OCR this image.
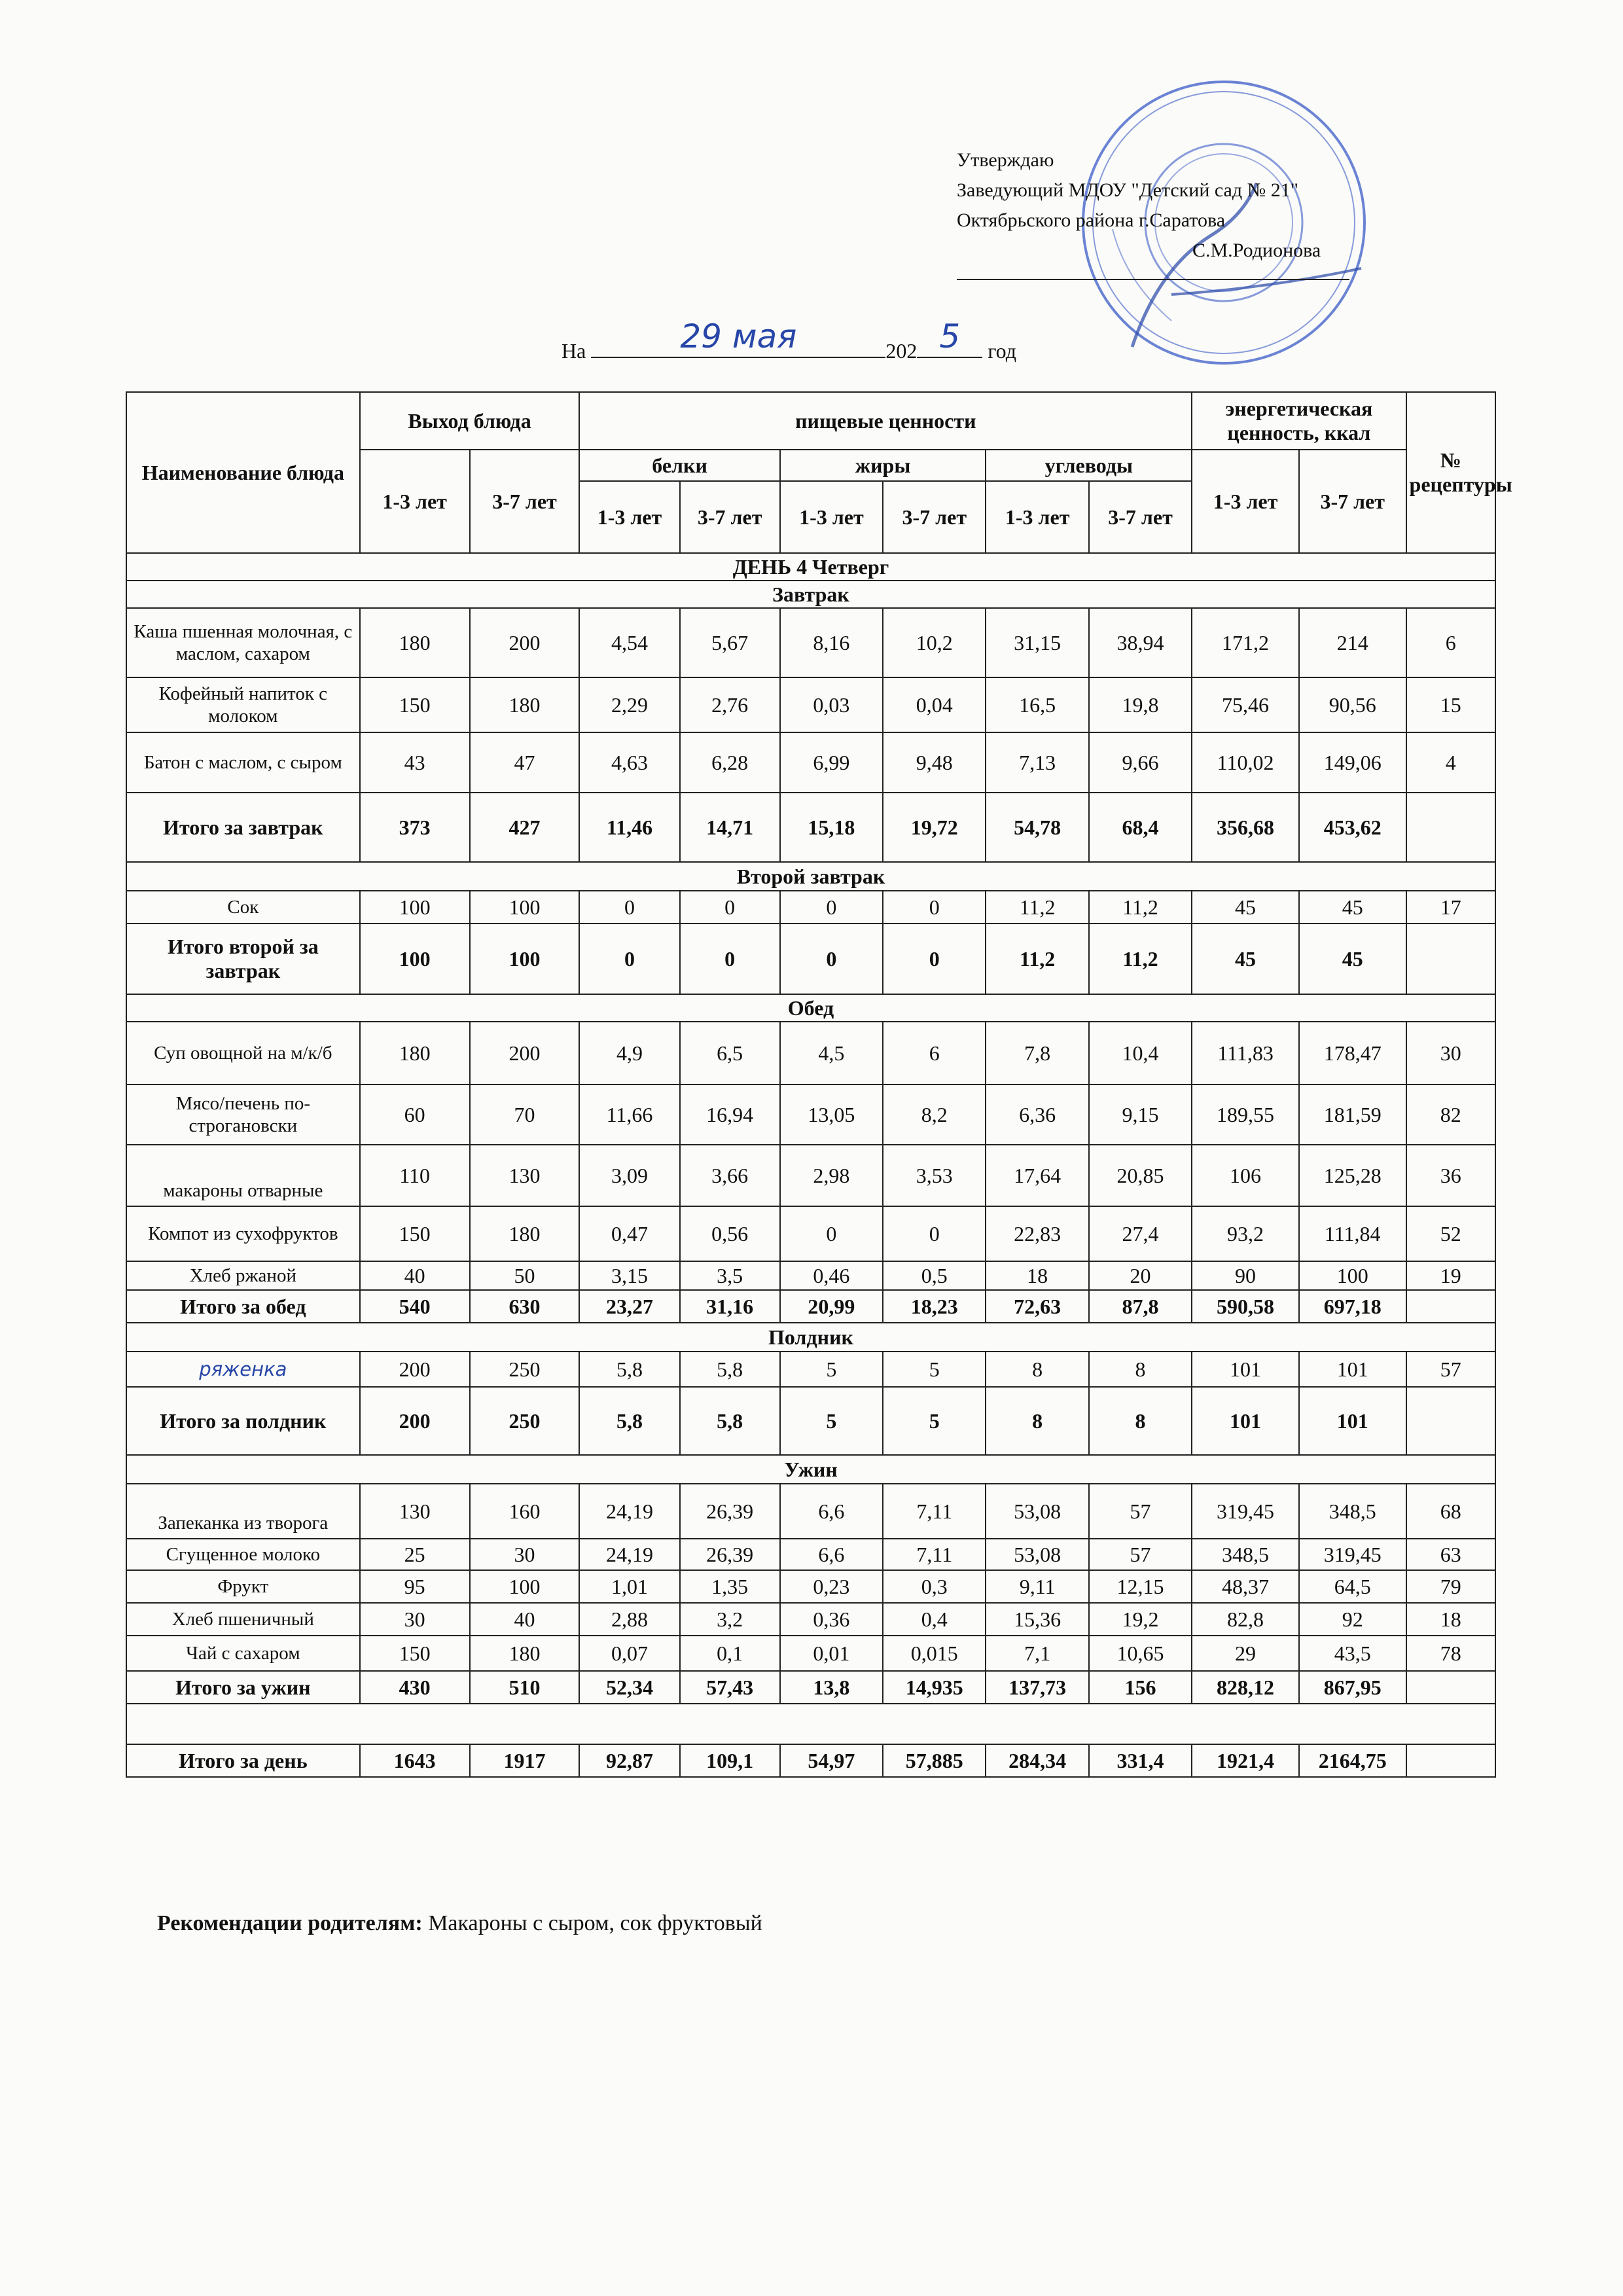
Утверждаю
Заведующий МДОУ "Детский сад № 21"
Октябрьского района г.Саратова
С.М.Родионова
На	29 мая	202 5	год
Наименование блюда	Выход блюда		пищевые ценности						энергетическая ценность, ккал		№ рецептуры
	1-3 лет	3-7 лет	белки		жиры		углеводы		1-3 лет	3-7 лет	
			1-3 лет	3-7 лет	1-3 лет	3-7 лет	1-3 лет	3-7 лет			
ДЕНЬ 4 Четверг											
Завтрак											
Каша пшенная молочная, с маслом, сахаром	180	200	4,54	5,67	8,16	10,2	31,15	38,94	171,2	214	6
Кофейный напиток с молоком	150	180	2,29	2,76	0,03	0,04	16,5	19,8	75,46	90,56	15
Батон с маслом, с сыром	43	47	4,63	6,28	6,99	9,48	7,13	9,66	110,02	149,06	4
Итого за завтрак	373	427	11,46	14,71	15,18	19,72	54,78	68,4	356,68	453,62	
Второй завтрак											
Сок	100	100	0	0	0	0	11,2	11,2	45	45	17
Итого второй за завтрак	100	100	0	0	0	0	11,2	11,2	45	45	
Обед											
Суп овощной на м/к/б	180	200	4,9	6,5	4,5	6	7,8	10,4	111,83	178,47	30
Мясо/печень по-строгановски	60	70	11,66	16,94	13,05	8,2	6,36	9,15	189,55	181,59	82
макароны отварные	110	130	3,09	3,66	2,98	3,53	17,64	20,85	106	125,28	36
Компот из сухофруктов	150	180	0,47	0,56	0	0	22,83	27,4	93,2	111,84	52
Хлеб ржаной	40	50	3,15	3,5	0,46	0,5	18	20	90	100	19
Итого за обед	540	630	23,27	31,16	20,99	18,23	72,63	87,8	590,58	697,18	
Полдник											
ряженка	200	250	5,8	5,8	5	5	8	8	101	101	57
Итого за полдник	200	250	5,8	5,8	5	5	8	8	101	101	
Ужин											
Запеканка из творога	130	160	24,19	26,39	6,6	7,11	53,08	57	319,45	348,5	68
Сгущенное молоко	25	30	24,19	26,39	6,6	7,11	53,08	57	348,5	319,45	63
Фрукт	95	100	1,01	1,35	0,23	0,3	9,11	12,15	48,37	64,5	79
Хлеб пшеничный	30	40	2,88	3,2	0,36	0,4	15,36	19,2	82,8	92	18
Чай с сахаром	150	180	0,07	0,1	0,01	0,015	7,1	10,65	29	43,5	78
Итого за ужин	430	510	52,34	57,43	13,8	14,935	137,73	156	828,12	867,95	

Итого за день	1643	1917	92,87	109,1	54,97	57,885	284,34	331,4	1921,4	2164,75	
Рекомендации родителям: Макароны с сыром, сок фруктовый
